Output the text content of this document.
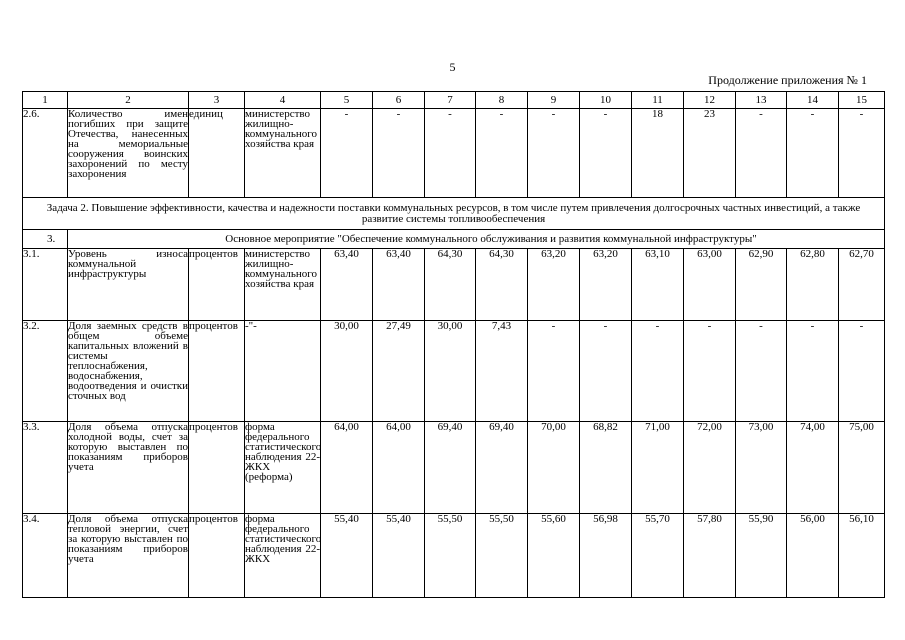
5
Продолжение приложения № 1
1	2	3	4	5	6	7	8	9	10	11	12	13	14	15
2.6.	Количество имен погибших при защите Отечества, нанесенных на мемориальные сооружения воинских захоронений по месту захоронения	единиц	министерство жилищно-коммунального хозяйства края	-	-	-	-	-	-	18	23	-	-	-
Задача 2. Повышение эффективности, качества и надежности поставки коммунальных ресурсов, в том числе путем привлечения долгосрочных частных инвестиций, а также развитие системы топливообеспечения														
3.	Основное мероприятие "Обеспечение коммунального обслуживания и развития коммунальной инфраструктуры"													
3.1.	Уровень износа коммунальной инфраструктуры	процентов	министерство жилищно-коммунального хозяйства края	63,40	63,40	64,30	64,30	63,20	63,20	63,10	63,00	62,90	62,80	62,70
3.2.	Доля заемных средств в общем объеме капитальных вложений в системы теплоснабжения, водоснабжения, водоотведения и очистки сточных вод	процентов	-"-	30,00	27,49	30,00	7,43	-	-	-	-	-	-	-
3.3.	Доля объема отпуска холодной воды, счет за которую выставлен по показаниям приборов учета	процентов	форма федерального статистического наблюдения 22-ЖКХ (реформа)	64,00	64,00	69,40	69,40	70,00	68,82	71,00	72,00	73,00	74,00	75,00
3.4.	Доля объема отпуска тепловой энергии, счет за которую выставлен по показаниям приборов учета	процентов	форма федерального статистического наблюдения 22-ЖКХ	55,40	55,40	55,50	55,50	55,60	56,98	55,70	57,80	55,90	56,00	56,10
